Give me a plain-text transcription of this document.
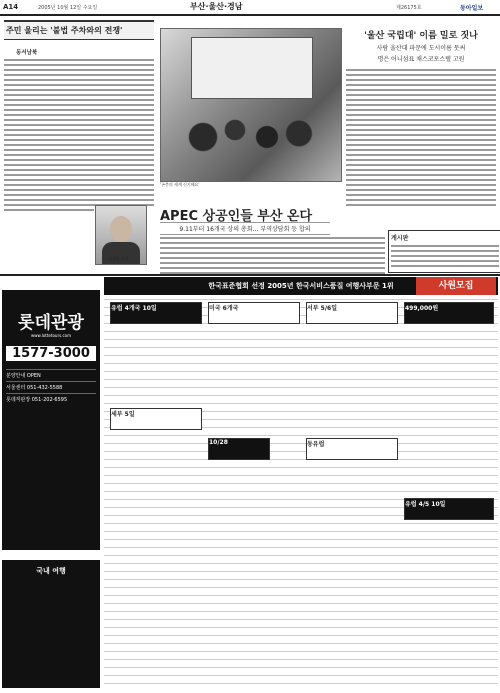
A14	2005년 10월 12일 수요일	부산·울산·경남	제26175호	동아일보
주민 울리는 '불법 주차와의 전쟁'
동서남북
'곤충의 세계 신기해요'
'울산 국립대' 이름 밀로 짓나
사람 울산대 파문에 도시이름 뭇써
명은 어니섬표 채스코포스텔 고원
APEC 상공인들 부산 온다
9.11부터 16개국 상의 총회… 부역상담회 등 합의
설예종 기자
게시판
한국표준협회 선정 2005년 한국서비스품질 여행사부문 1위	사원모집
롯데관광
www.lottetours.com
1577-3000
분양안내 OPEN
서울센터 051-432-5588
롯데직판장 051-202-6595
국내 여행
유럽 4개국 10일	미국 6개국	서부 5/6일	499,000원
세부 5일
10/28	동유럽
유럽 4/5 10일
